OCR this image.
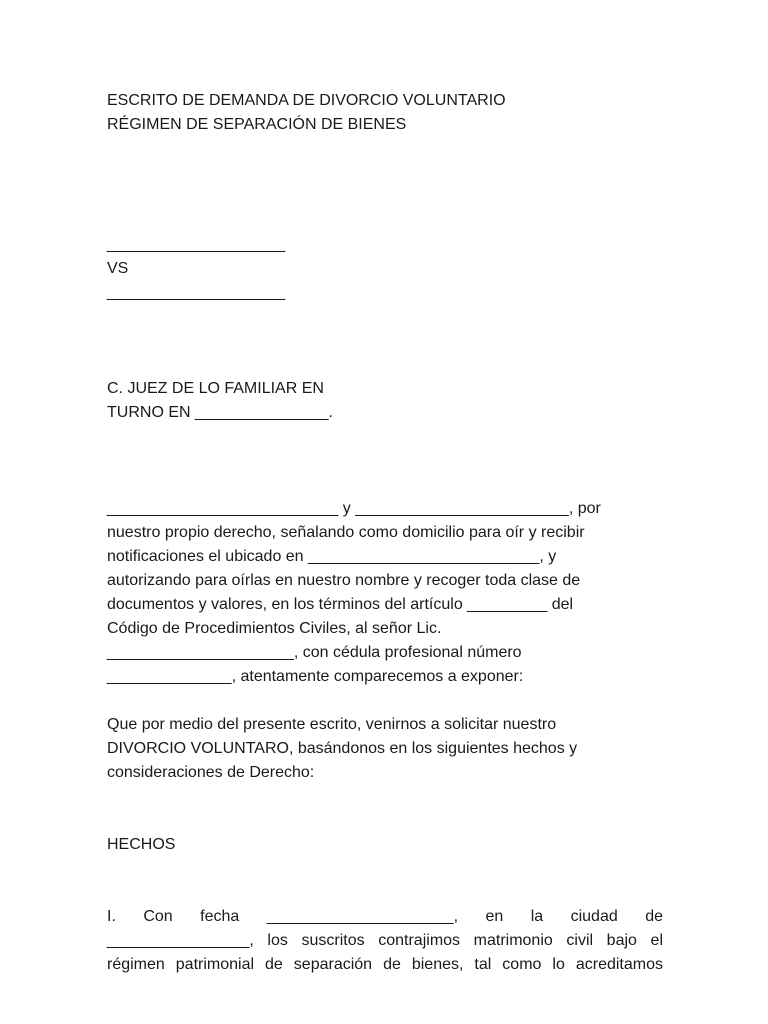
ESCRITO DE DEMANDA DE DIVORCIO VOLUNTARIO
RÉGIMEN DE SEPARACIÓN DE BIENES
____________________
VS
____________________
C. JUEZ DE LO FAMILIAR EN
TURNO EN _______________.
__________________________ y ________________________, por
nuestro propio derecho, señalando como domicilio para oír y recibir
notificaciones el ubicado en __________________________, y
autorizando para oírlas en nuestro nombre y recoger toda clase de
documentos y valores, en los términos del artículo _________ del
Código de Procedimientos Civiles, al señor Lic.
_____________________, con cédula profesional número
______________, atentamente comparecemos a exponer:
Que por medio del presente escrito, venirnos a solicitar nuestro
DIVORCIO VOLUNTARO, basándonos en los siguientes hechos y
consideraciones de Derecho:
HECHOS
I. Con fecha _____________________, en la ciudad de
________________, los suscritos contrajimos matrimonio civil bajo el
régimen patrimonial de separación de bienes, tal como lo acreditamos
